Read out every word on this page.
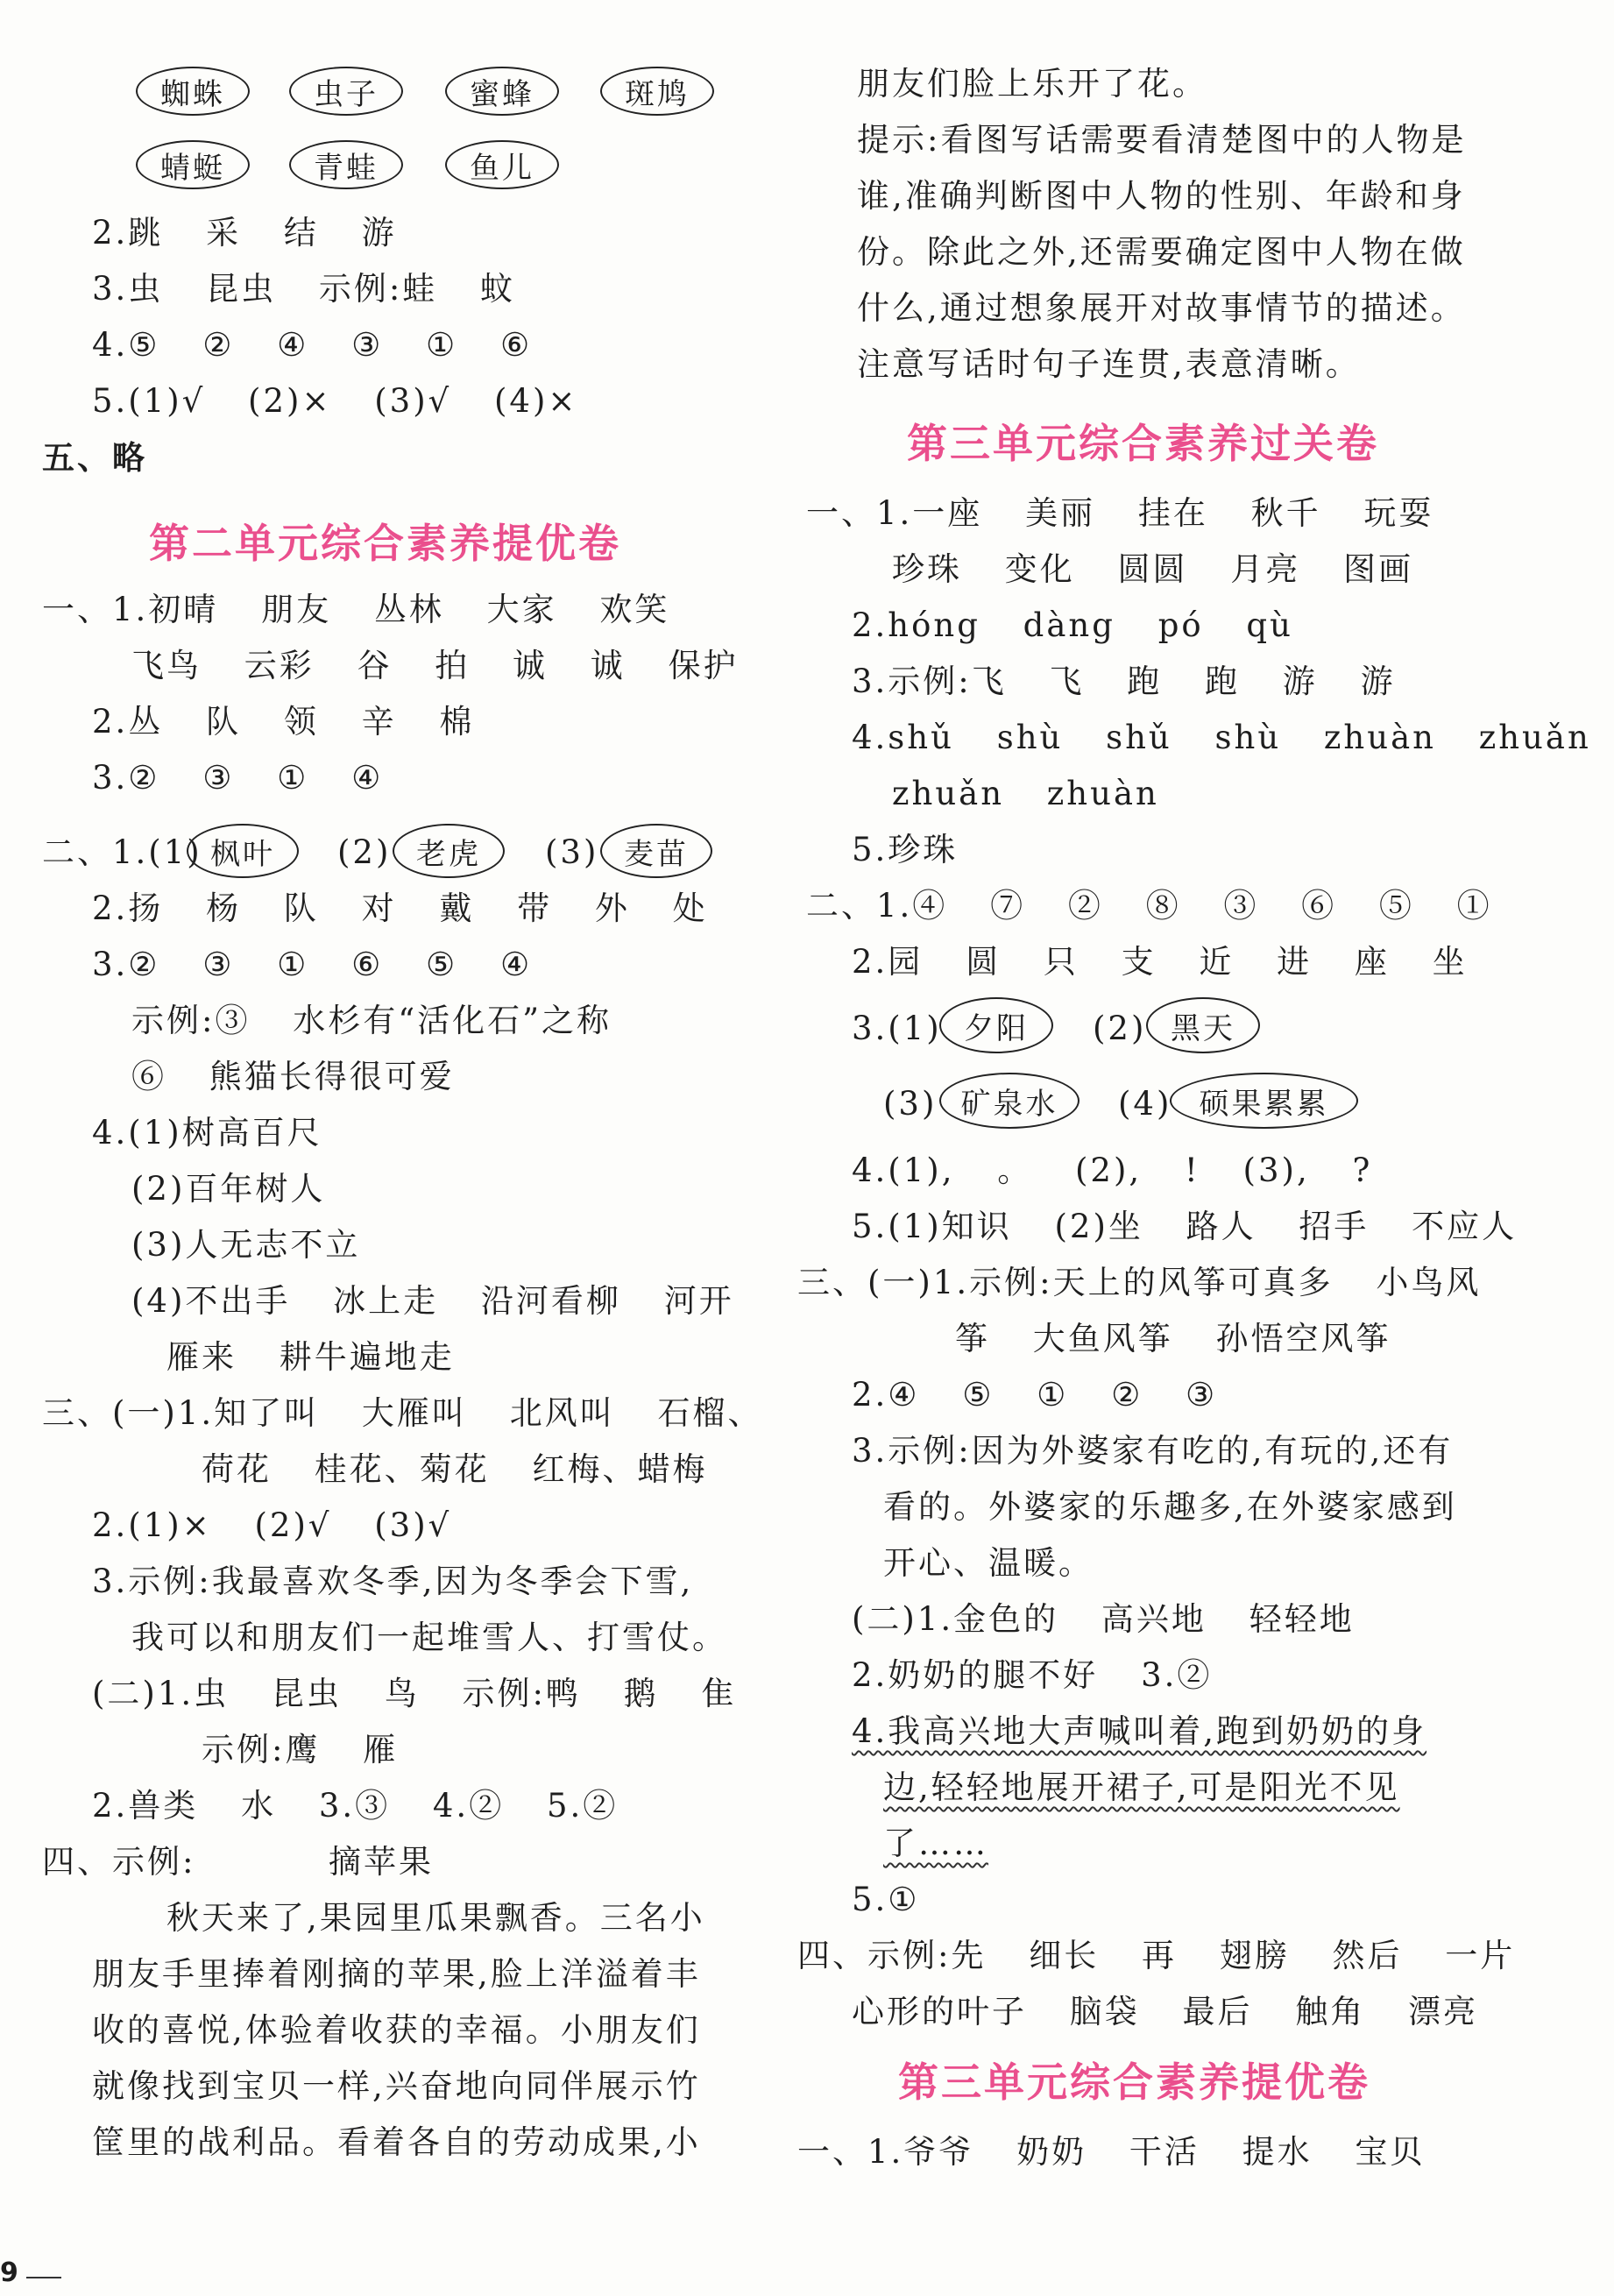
蜘蛛	虫子	蜜蜂	斑鸠
蜻蜓	青蛙	鱼儿
2.跳 采 结 游
3.虫 昆虫 示例:蛙 蚊
4.⑤ ② ④ ③ ① ⑥
5.(1)√ (2)× (3)√ (4)×
五、略
第二单元综合素养提优卷
一、1.初晴 朋友 丛林 大家 欢笑
飞鸟 云彩 谷 拍 诚 诚 保护
2.丛 队 领 辛 棉
3.② ③ ① ④
二、1.(1) 枫叶	(2) 老虎	(3) 麦苗
2.扬 杨 队 对 戴 带 外 处
3.② ③ ① ⑥ ⑤ ④
示例:③ 水杉有“活化石”之称
⑥ 熊猫长得很可爱
4.(1)树高百尺
(2)百年树人
(3)人无志不立
(4)不出手 冰上走 沿河看柳 河开
雁来 耕牛遍地走
三、(一)1.知了叫 大雁叫 北风叫 石榴、
荷花 桂花、菊花 红梅、蜡梅
2.(1)× (2)√ (3)√
3.示例:我最喜欢冬季,因为冬季会下雪,
我可以和朋友们一起堆雪人、打雪仗。
(二)1.虫 昆虫 鸟 示例:鸭 鹅 隹
示例:鹰 雁
2.兽类 水 3.③ 4.② 5.②
四、示例:	摘苹果
秋天来了,果园里瓜果飘香。三名小
朋友手里捧着刚摘的苹果,脸上洋溢着丰
收的喜悦,体验着收获的幸福。小朋友们
就像找到宝贝一样,兴奋地向同伴展示竹
筐里的战利品。看着各自的劳动成果,小
9
朋友们脸上乐开了花。
提示:看图写话需要看清楚图中的人物是
谁,准确判断图中人物的性别、年龄和身
份。除此之外,还需要确定图中人物在做
什么,通过想象展开对故事情节的描述。
注意写话时句子连贯,表意清晰。
第三单元综合素养过关卷
一、1.一座 美丽 挂在 秋千 玩耍
珍珠 变化 圆圆 月亮 图画
2.hóng dàng pó qù
3.示例:飞 飞 跑 跑 游 游
4.shǔ shù shǔ shù zhuàn zhuǎn
zhuǎn zhuàn
5.珍珠
二、1.④ ⑦ ② ⑧ ③ ⑥ ⑤ ①
2.园 圆 只 支 近 进 座 坐
3.(1) 夕阳	(2) 黑天
(3) 矿泉水	(4) 硕果累累
4.(1), 。 (2), ! (3), ?
5.(1)知识 (2)坐 路人 招手 不应人
三、(一)1.示例:天上的风筝可真多 小鸟风
筝 大鱼风筝 孙悟空风筝
2.④ ⑤ ① ② ③
3.示例:因为外婆家有吃的,有玩的,还有
看的。外婆家的乐趣多,在外婆家感到
开心、温暖。
(二)1.金色的 高兴地 轻轻地
2.奶奶的腿不好 3.②
4.我高兴地大声喊叫着,跑到奶奶的身
边,轻轻地展开裙子,可是阳光不见
了……
5.①
四、示例:先 细长 再 翅膀 然后 一片
心形的叶子 脑袋 最后 触角 漂亮
第三单元综合素养提优卷
一、1.爷爷 奶奶 干活 提水 宝贝
